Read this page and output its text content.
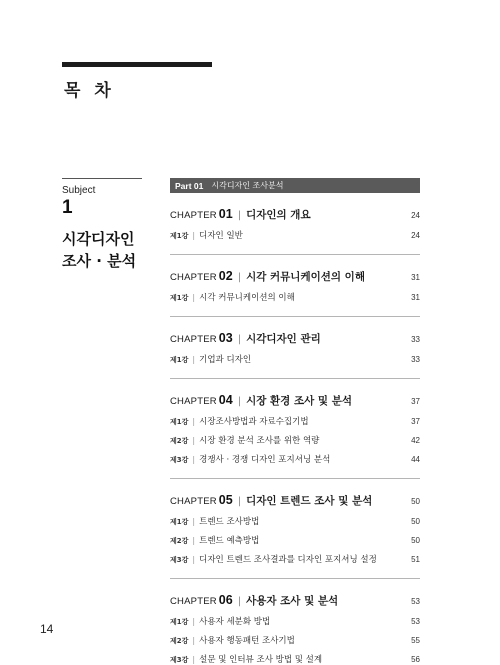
목 차
Subject
1
시각디자인
조사 · 분석
Part 01 시각디자인 조사분석
CHAPTER 01 | 디자인의 개요	24
제1강 | 디자인 일반	24
CHAPTER 02 | 시각 커뮤니케이션의 이해	31
제1강 | 시각 커뮤니케이션의 이해	31
CHAPTER 03 | 시각디자인 관리	33
제1강 | 기업과 디자인	33
CHAPTER 04 | 시장 환경 조사 및 분석	37
제1강 | 시장조사방법과 자료수집기법	37
제2강 | 시장 환경 분석 조사를 위한 역량	42
제3강 | 경쟁사 · 경쟁 디자인 포지셔닝 분석	44
CHAPTER 05 | 디자인 트렌드 조사 및 분석	50
제1강 | 트렌드 조사방법	50
제2강 | 트렌드 예측방법	50
제3강 | 디자인 트렌드 조사결과를 디자인 포지셔닝 설정	51
CHAPTER 06 | 사용자 조사 및 분석	53
제1강 | 사용자 세분화 방법	53
제2강 | 사용자 행동패턴 조사기법	55
제3강 | 설문 및 인터뷰 조사 방법 및 설계	56
14
